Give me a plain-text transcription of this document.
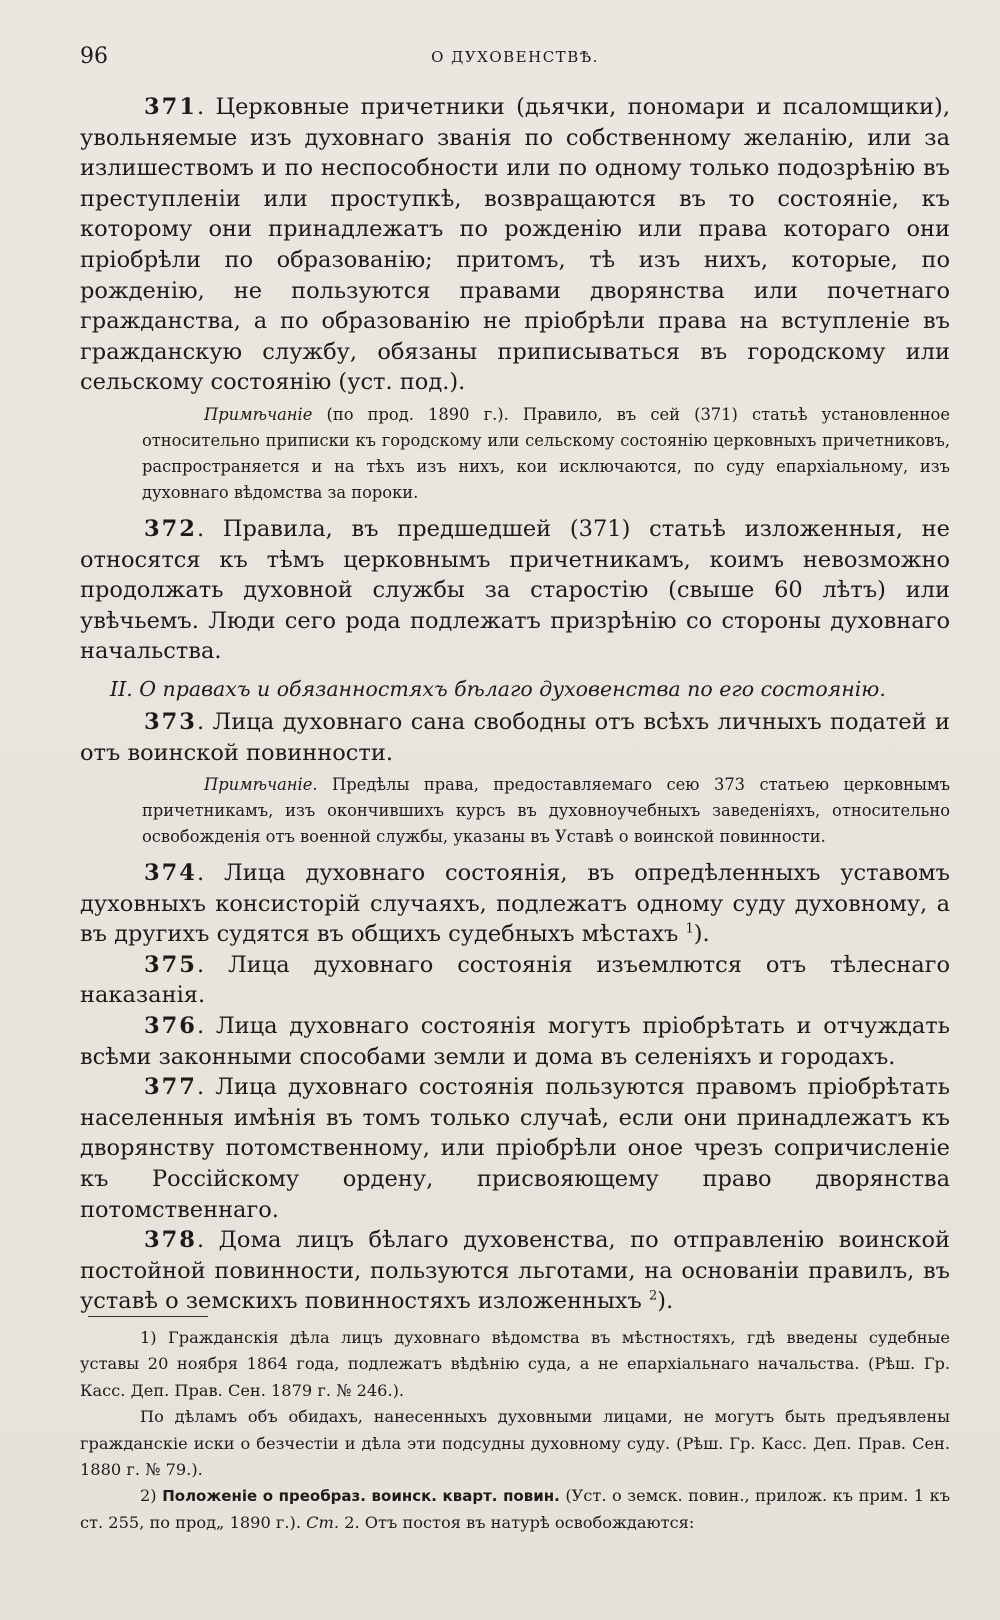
96	О ДУХОВЕНСТВѢ.

371. Церковные причетники (дьячки, пономари и псаломщики), увольняемые изъ духовнаго званія по собственному желанію, или за излишествомъ и по неспособности или по одному только подозрѣнію въ преступленіи или проступкѣ, возвращаются въ то состояніе, къ которому они принадлежатъ по рожденію или права котораго они пріобрѣли по образованію; притомъ, тѣ изъ нихъ, которые, по рожденію, не пользуются правами дворянства или почетнаго гражданства, а по образованію не пріобрѣли права на вступленіе въ гражданскую службу, обязаны приписываться въ городскому или сельскому состоянію (уст. под.).

Примѣчаніе (по прод. 1890 г.). Правило, въ сей (371) статьѣ установленное относительно приписки къ городскому или сельскому состоянію церковныхъ причетниковъ, распространяется и на тѣхъ изъ нихъ, кои исключаются, по суду епархіальному, изъ духовнаго вѣдомства за пороки.

372. Правила, въ предшедшей (371) статьѣ изложенныя, не относятся къ тѣмъ церковнымъ причетникамъ, коимъ невозможно продолжать духовной службы за старостію (свыше 60 лѣтъ) или увѣчьемъ. Люди сего рода подлежатъ призрѣнію со стороны духовнаго начальства.

II. О правахъ и обязанностяхъ бѣлаго духовенства по его состоянію.

373. Лица духовнаго сана свободны отъ всѣхъ личныхъ податей и отъ воинской повинности.

Примѣчаніе. Предѣлы права, предоставляемаго сею 373 статьею церковнымъ причетникамъ, изъ окончившихъ курсъ въ духовноучебныхъ заведеніяхъ, относительно освобожденія отъ военной службы, указаны въ Уставѣ о воинской повинности.

374. Лица духовнаго состоянія, въ опредѣленныхъ уставомъ духовныхъ консисторій случаяхъ, подлежатъ одному суду духовному, а въ другихъ судятся въ общихъ судебныхъ мѣстахъ $^1$).

375. Лица духовнаго состоянія изъемлются отъ тѣлеснаго наказанія.

376. Лица духовнаго состоянія могутъ пріобрѣтать и отчуждать всѣми законными способами земли и дома въ селеніяхъ и городахъ.

377. Лица духовнаго состоянія пользуются правомъ пріобрѣтать населенныя имѣнія въ томъ только случаѣ, если они принадлежатъ къ дворянству потомственному, или пріобрѣли оное чрезъ сопричисленіе къ Россійскому ордену, присвояющему право дворянства потомственнаго.

378. Дома лицъ бѣлаго духовенства, по отправленію воинской постойной повинности, пользуются льготами, на основаніи правилъ, въ уставѣ о земскихъ повинностяхъ изложенныхъ $^2$).

1) Гражданскія дѣла лицъ духовнаго вѣдомства въ мѣстностяхъ, гдѣ введены судебные уставы 20 ноября 1864 года, подлежатъ вѣдѣнію суда, а не епархіальнаго начальства. (Рѣш. Гр. Касс. Деп. Прав. Сен. 1879 г. № 246.).

По дѣламъ объ обидахъ, нанесенныхъ духовными лицами, не могутъ быть предъявлены гражданскіе иски о безчестіи и дѣла эти подсудны духовному суду. (Рѣш. Гр. Касс. Деп. Прав. Сен. 1880 г. № 79.).

2) Положеніе о преобраз. воинск. кварт. повин. (Уст. о земск. повин., прилож. къ прим. 1 къ ст. 255, по прод„ 1890 г.). Ст. 2. Отъ постоя въ натурѣ освобождаются:
